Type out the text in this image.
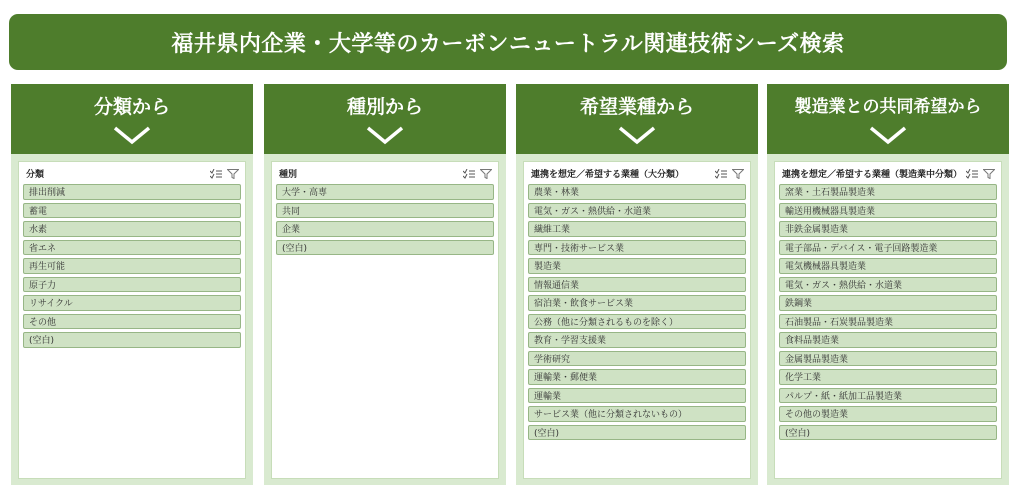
福井県内企業・大学等のカーボンニュートラル関連技術シーズ検索
分類から
分類
排出削減
蓄電
水素
省エネ
再生可能
原子力
リサイクル
その他
(空白)
種別から
種別
大学・高専
共同
企業
(空白)
希望業種から
連携を想定／希望する業種（大分類）
農業・林業
電気・ガス・熱供給・水道業
繊維工業
専門・技術サービス業
製造業
情報通信業
宿泊業・飲食サービス業
公務（他に分類されるものを除く）
教育・学習支援業
学術研究
運輸業・郵便業
運輸業
サービス業（他に分類されないもの）
(空白)
製造業との共同希望から
連携を想定／希望する業種（製造業中分類）
窯業・土石製品製造業
輸送用機械器具製造業
非鉄金属製造業
電子部品・デバイス・電子回路製造業
電気機械器具製造業
電気・ガス・熱供給・水道業
鉄鋼業
石油製品・石炭製品製造業
食料品製造業
金属製品製造業
化学工業
パルプ・紙・紙加工品製造業
その他の製造業
(空白)
